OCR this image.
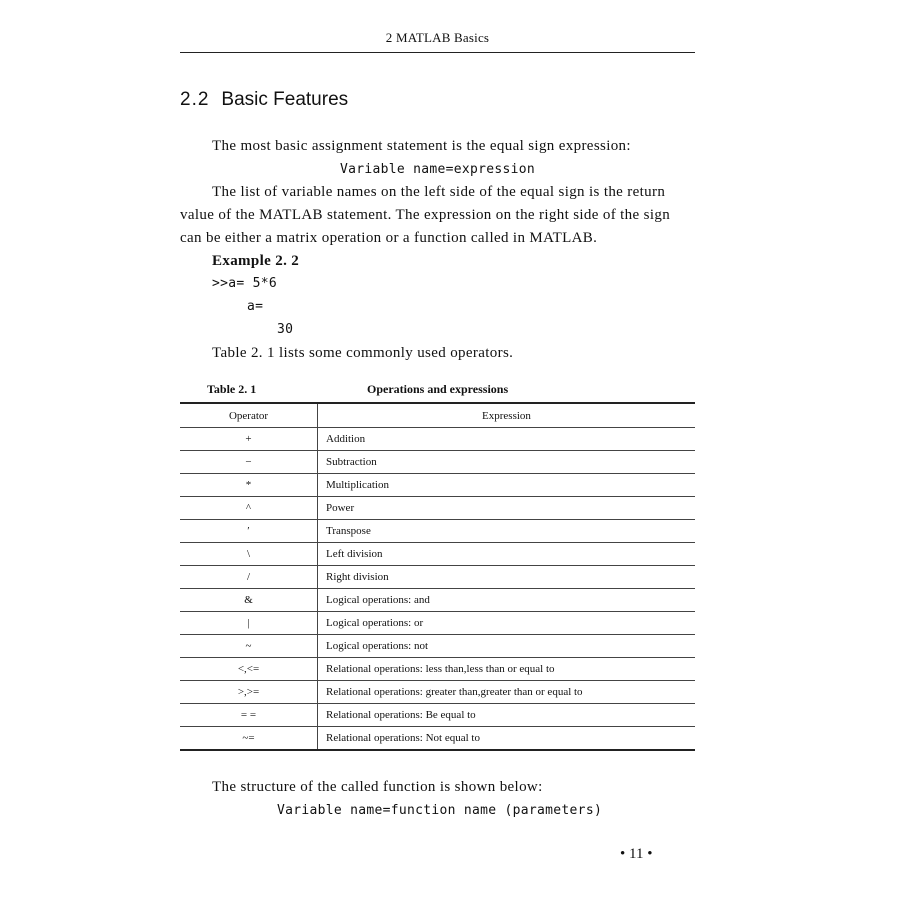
2 MATLAB Basics
2.2 Basic Features
The most basic assignment statement is the equal sign expression:
Variable name=expression
The list of variable names on the left side of the equal sign is the return
value of the MATLAB statement. The expression on the right side of the sign
can be either a matrix operation or a function called in MATLAB.
Example 2. 2
>>a= 5*6
a=
30
Table 2. 1 lists some commonly used operators.
Table 2. 1	Operations and expressions
Operator	Expression
+	Addition
−	Subtraction
*	Multiplication
^	Power
′	Transpose
\	Left division
/	Right division
&	Logical operations: and
|	Logical operations: or
~	Logical operations: not
<,<=	Relational operations: less than,less than or equal to
>,>=	Relational operations: greater than,greater than or equal to
= =	Relational operations: Be equal to
~=	Relational operations: Not equal to
The structure of the called function is shown below:
Variable name=function name (parameters)
• 11 •
